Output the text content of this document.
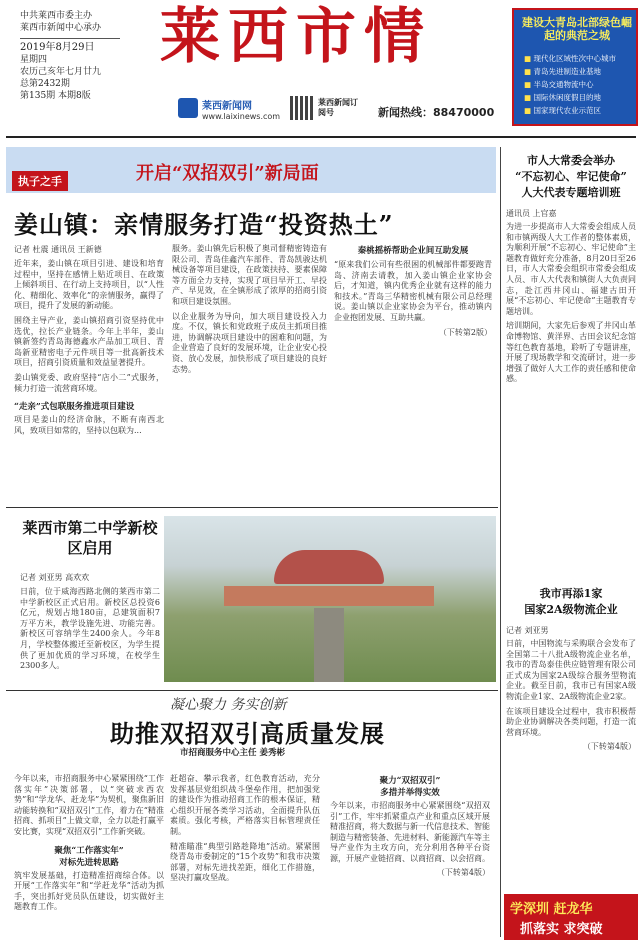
中共莱西市委主办
莱西市新闻中心承办
2019年8月29日
星期四
农历己亥年七月廿九
总第2432期
第135期 本期8版
莱西市情
莱西新闻网
www.laixinews.com
莱西新闻订阅号	新闻热线：88470000
建设大青岛北部绿色崛起的典范之城
■ 现代化区域性次中心城市
■ 青岛先进制造业基地
■ 半岛交通物流中心
■ 国际休闲度假目的地
■ 国家现代农业示范区
执子之手	开启“双招双引”新局面
姜山镇：亲情服务打造“投资热土”
记者 杜震 通讯员 王新德
近年来，姜山镇在项目引进、建设和培育过程中，坚持在感情上贴近项目、在政策上倾斜项目、在行动上支持项目，以“人性化、精细化、效率化”的亲情服务，赢得了项目，提升了发展的新动能。
围绕主导产业，姜山镇招商引资坚持优中选优，拉长产业链条。今年上半年，姜山镇新签约青岛海德鑫水产品加工项目、青岛新亚精密电子元件项目等一批高新技术项目，招商引资质量和效益显著提升。
姜山镇党委、政府坚持“店小二”式服务，倾力打造一流营商环境。
“走亲”式包联服务推进项目建设
项目是姜山的经济命脉，不断有南西北风，致项目如常的，坚持以包联为...
服务。姜山镇先后积极了奥司督精密铸造有限公司、青岛佳鑫汽车部件、青岛凯骏达机械设备等项目建设，在政策扶持、要素保障等方面全力支持，实现了项目早开工、早投产、早见效，在全镇形成了浓厚的招商引资和项目建设氛围。
以企业服务为导向，加大项目建设投入力度。不仅，镇长和党政班子成员主抓项目推进，协调解决项目建设中的困难和问题，为企业营造了良好的发展环境，让企业安心投资、放心发展，加快形成了项目建设的良好态势。
秦桃摇桥帮助企业间互助发展
“原来我们公司有些很困的机械部件都要跑青岛、济南去请教，加入姜山镇企业家协会后，才知道，镇内优秀企业就有这样的能力和技术。”青岛三华精密机械有限公司总经理说。姜山镇以企业家协会为平台，推动镇内企业抱团发展、互助共赢。
（下转第2版）
莱西市第二中学新校区启用
记者 刘亚男 高欢欢
日前，位于威海西路北侧的莱西市第二中学新校区正式启用。新校区总投资6亿元，规划占地180亩，总建筑面积7万平方米，教学设施先进、功能完善。新校区可容纳学生2400余人。今年8月，学校整体搬迁至新校区，为学生提供了更加优质的学习环境，在校学生2300多人。
凝心聚力 务实创新
助推双招双引高质量发展
市招商服务中心主任 姜秀彬
今年以来，市招商服务中心紧紧围绕“工作落实年”决策部署，以“突破求西农势”和“学龙华、赶龙华”为契机，聚焦新旧动能转换和“双招双引”工作，着力在“精准招商、抓项目”上做文章，全力以赴打赢平安比赛，实现“双招双引”工作新突破。
聚焦“工作落实年”
对标先进转思路
筑牢发展基础，打造精准招商综合体。以开展“工作落实年”和“学赶龙华”活动为抓手，突出抓好党员队伍建设，切实做好主题教育工作。
赶超奋、攀示我者，红色教育活动，充分发挥基层党组织战斗堡垒作用，把加强党的建设作为推动招商工作的根本保证，精心组织开展各类学习活动，全面提升队伍素质。强化考核，严格落实目标管理责任制。
精准瞄准“典型引路趁降地”活动。紧紧围绕青岛市委制定的“15个攻势”和我市决策部署，对标先进找差距，细化工作措施，坚决打赢攻坚战。
聚力“双招双引”
多措并举得实效
今年以来，市招商服务中心紧紧围绕“双招双引”工作，牢牢抓紧重点产业和重点区域开展精准招商，将大数据与新一代信息技术、智能制造与精密装备、先进材料、新能源汽车等主导产业作为主攻方向，充分利用各种平台资源，开展产业链招商、以商招商、以会招商。
（下转第4版）
市人大常委会举办
“不忘初心、牢记使命”
人大代表专题培训班
通讯员 上官嘉
为进一步提高市人大常委会组成人员和市镇两级人大工作者的整体素质，为顺利开展“不忘初心、牢记使命”主题教育做好充分准备，8月20日至26日，市人大常委会组织市常委会组成人员、市人大代表和镇街人大负责同志，赴江西井冈山、福建古田开展“不忘初心、牢记使命”主题教育专题培训。
培训期间，大家先后参观了井冈山革命博物馆、黄洋界、古田会议纪念馆等红色教育基地，聆听了专题讲座，开展了现场教学和交流研讨，进一步增强了做好人大工作的责任感和使命感。
我市再添1家
国家2A级物流企业
记者 刘亚男
日前，中国物流与采购联合会发布了全国第二十八批A级物流企业名单，我市的青岛泰佳供应链管理有限公司正式成为国家2A级综合服务型物流企业。截至目前，我市已有国家A级物流企业1家、2A级物流企业2家。
在该项目建设全过程中，我市积极帮助企业协调解决各类问题，打造一流营商环境。
（下转第4版）
学深圳 赶龙华
抓落实 求突破
